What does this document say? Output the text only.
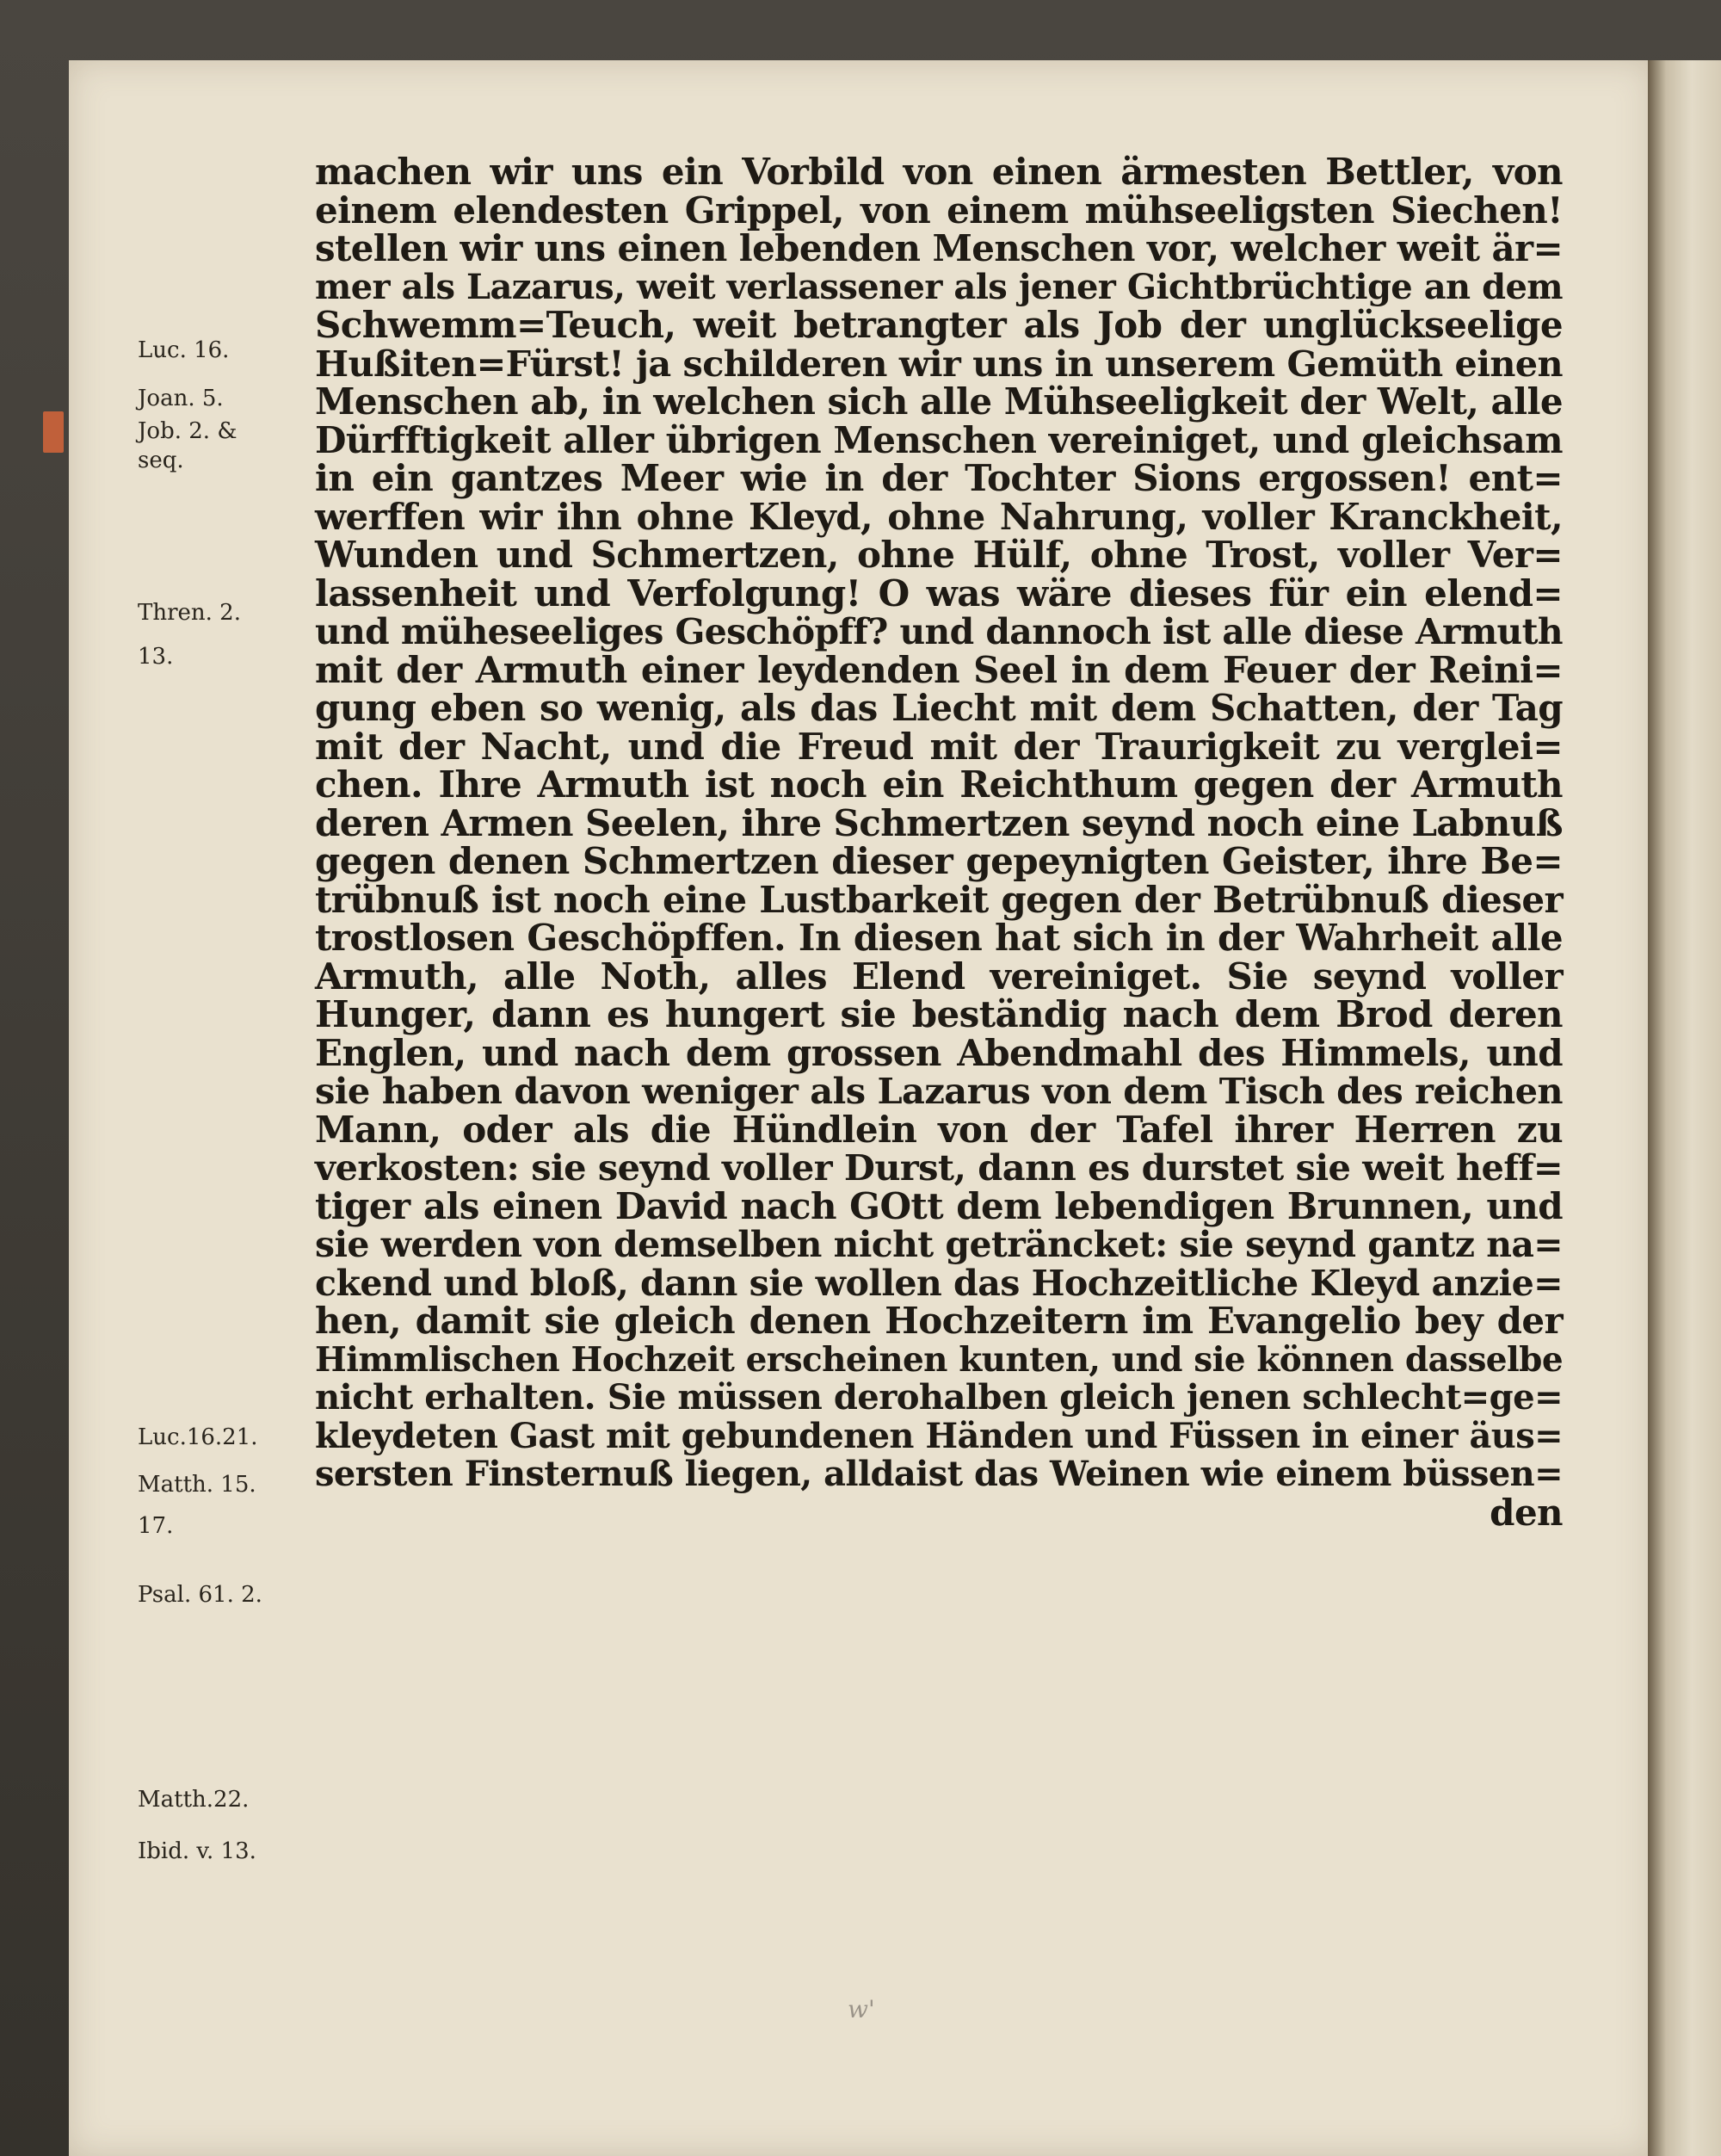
Luc. 16.
Joan. 5.
Job. 2. &
seq.
Thren. 2.
13.
Luc.16.21.
Matth. 15.
17.
Psal. 61. 2.
Matth.22.
Ibid. v. 13.
machen wir uns ein Vorbild von einen ärmesten Bettler, von
einem elendesten Grippel, von einem mühseeligsten Siechen!
stellen wir uns einen lebenden Menschen vor, welcher weit är=
mer als Lazarus, weit verlassener als jener Gichtbrüchtige an dem
Schwemm=Teuch, weit betrangter als Job der unglückseelige
Hußiten=Fürst! ja schilderen wir uns in unserem Gemüth einen
Menschen ab, in welchen sich alle Mühseeligkeit der Welt, alle
Dürfftigkeit aller übrigen Menschen vereiniget, und gleichsam
in ein gantzes Meer wie in der Tochter Sions ergossen! ent=
werffen wir ihn ohne Kleyd, ohne Nahrung, voller Kranckheit,
Wunden und Schmertzen, ohne Hülf, ohne Trost, voller Ver=
lassenheit und Verfolgung! O was wäre dieses für ein elend=
und müheseeliges Geschöpff? und dannoch ist alle diese Armuth
mit der Armuth einer leydenden Seel in dem Feuer der Reini=
gung eben so wenig, als das Liecht mit dem Schatten, der Tag
mit der Nacht, und die Freud mit der Traurigkeit zu verglei=
chen. Ihre Armuth ist noch ein Reichthum gegen der Armuth
deren Armen Seelen, ihre Schmertzen seynd noch eine Labnuß
gegen denen Schmertzen dieser gepeynigten Geister, ihre Be=
trübnuß ist noch eine Lustbarkeit gegen der Betrübnuß dieser
trostlosen Geschöpffen. In diesen hat sich in der Wahrheit alle
Armuth, alle Noth, alles Elend vereiniget. Sie seynd voller
Hunger, dann es hungert sie beständig nach dem Brod deren
Englen, und nach dem grossen Abendmahl des Himmels, und
sie haben davon weniger als Lazarus von dem Tisch des reichen
Mann, oder als die Hündlein von der Tafel ihrer Herren zu
verkosten: sie seynd voller Durst, dann es durstet sie weit heff=
tiger als einen David nach GOtt dem lebendigen Brunnen, und
sie werden von demselben nicht geträncket: sie seynd gantz na=
ckend und bloß, dann sie wollen das Hochzeitliche Kleyd anzie=
hen, damit sie gleich denen Hochzeitern im Evangelio bey der
Himmlischen Hochzeit erscheinen kunten, und sie können dasselbe
nicht erhalten. Sie müssen derohalben gleich jenen schlecht=ge=
kleydeten Gast mit gebundenen Händen und Füssen in einer äus=
sersten Finsternuß liegen, alldaist das Weinen wie einem büssen=
den
w'
